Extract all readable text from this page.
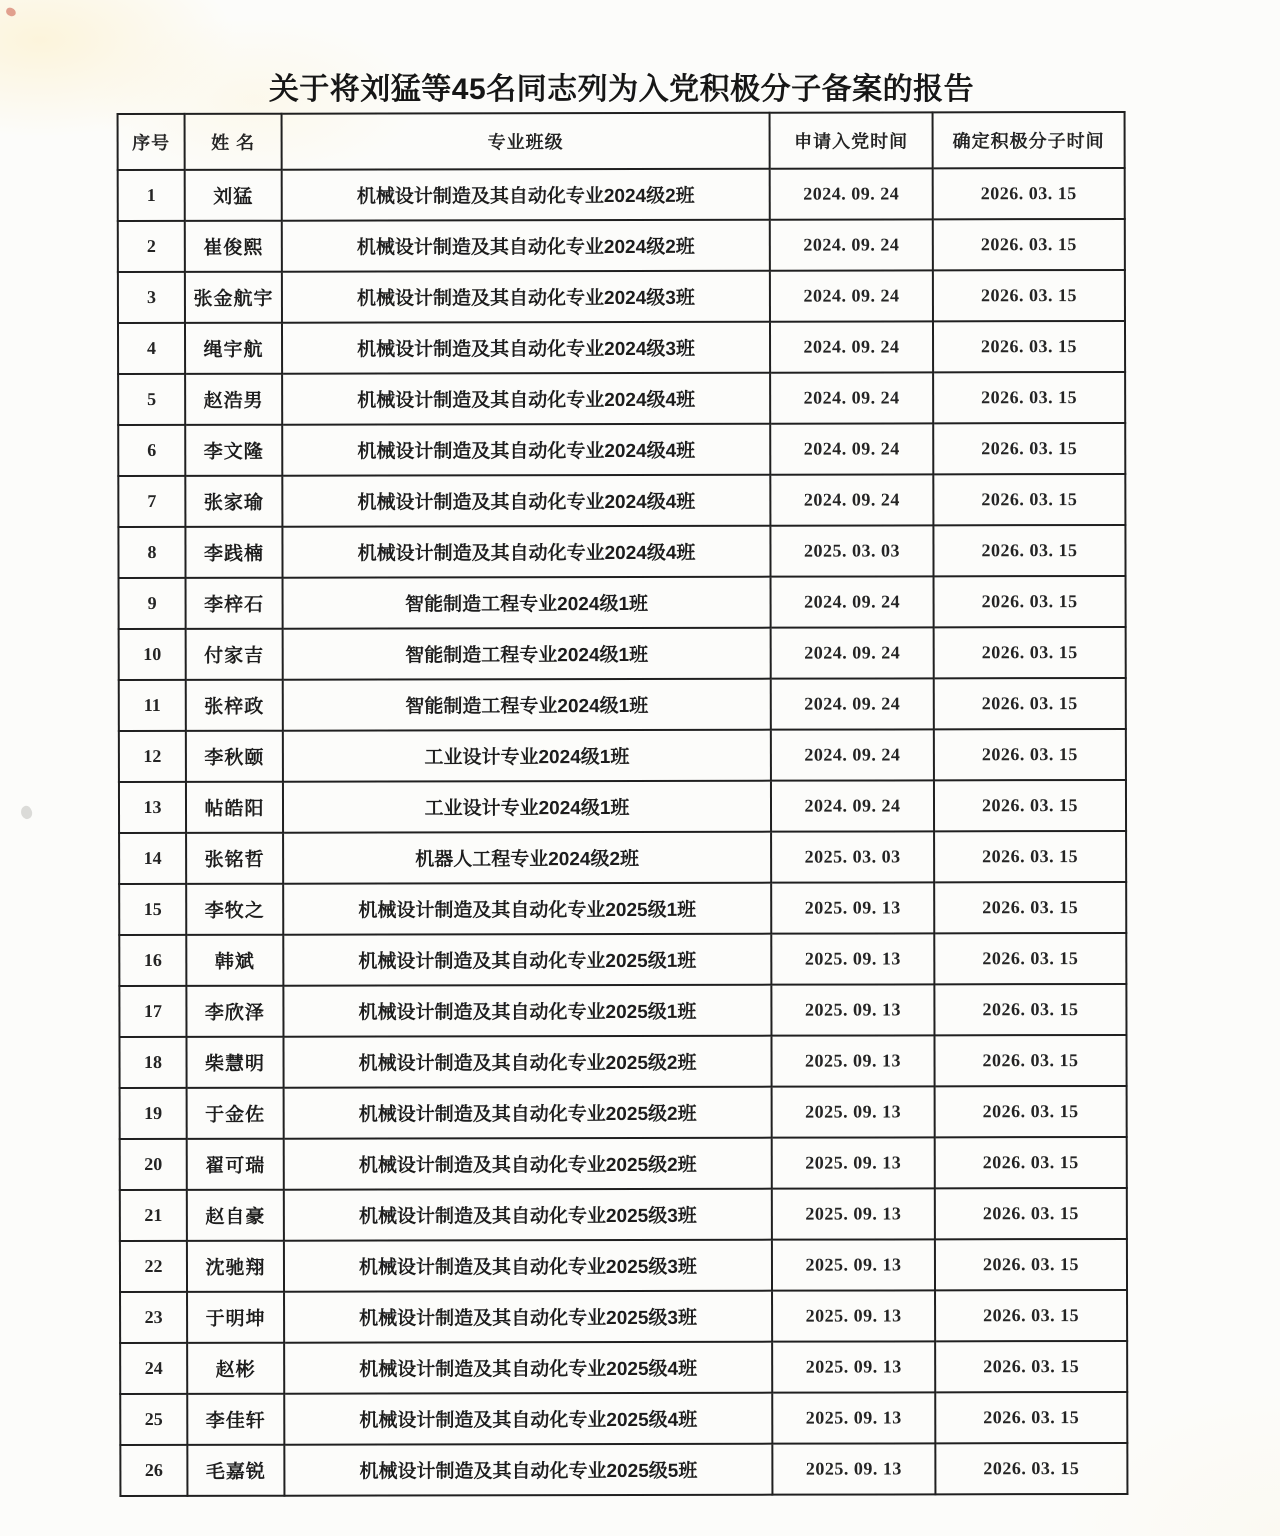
关于将刘猛等45名同志列为入党积极分子备案的报告
序号	姓 名	专业班级	申请入党时间	确定积极分子时间
1	刘猛	机械设计制造及其自动化专业2024级2班	2024. 09. 24	2026. 03. 15
2	崔俊熙	机械设计制造及其自动化专业2024级2班	2024. 09. 24	2026. 03. 15
3	张金航宇	机械设计制造及其自动化专业2024级3班	2024. 09. 24	2026. 03. 15
4	绳宇航	机械设计制造及其自动化专业2024级3班	2024. 09. 24	2026. 03. 15
5	赵浩男	机械设计制造及其自动化专业2024级4班	2024. 09. 24	2026. 03. 15
6	李文隆	机械设计制造及其自动化专业2024级4班	2024. 09. 24	2026. 03. 15
7	张家瑜	机械设计制造及其自动化专业2024级4班	2024. 09. 24	2026. 03. 15
8	李践楠	机械设计制造及其自动化专业2024级4班	2025. 03. 03	2026. 03. 15
9	李梓石	智能制造工程专业2024级1班	2024. 09. 24	2026. 03. 15
10	付家吉	智能制造工程专业2024级1班	2024. 09. 24	2026. 03. 15
11	张梓政	智能制造工程专业2024级1班	2024. 09. 24	2026. 03. 15
12	李秋颐	工业设计专业2024级1班	2024. 09. 24	2026. 03. 15
13	帖皓阳	工业设计专业2024级1班	2024. 09. 24	2026. 03. 15
14	张铭哲	机器人工程专业2024级2班	2025. 03. 03	2026. 03. 15
15	李牧之	机械设计制造及其自动化专业2025级1班	2025. 09. 13	2026. 03. 15
16	韩斌	机械设计制造及其自动化专业2025级1班	2025. 09. 13	2026. 03. 15
17	李欣泽	机械设计制造及其自动化专业2025级1班	2025. 09. 13	2026. 03. 15
18	柴慧明	机械设计制造及其自动化专业2025级2班	2025. 09. 13	2026. 03. 15
19	于金佐	机械设计制造及其自动化专业2025级2班	2025. 09. 13	2026. 03. 15
20	翟可瑞	机械设计制造及其自动化专业2025级2班	2025. 09. 13	2026. 03. 15
21	赵自豪	机械设计制造及其自动化专业2025级3班	2025. 09. 13	2026. 03. 15
22	沈驰翔	机械设计制造及其自动化专业2025级3班	2025. 09. 13	2026. 03. 15
23	于明坤	机械设计制造及其自动化专业2025级3班	2025. 09. 13	2026. 03. 15
24	赵彬	机械设计制造及其自动化专业2025级4班	2025. 09. 13	2026. 03. 15
25	李佳轩	机械设计制造及其自动化专业2025级4班	2025. 09. 13	2026. 03. 15
26	毛嘉锐	机械设计制造及其自动化专业2025级5班	2025. 09. 13	2026. 03. 15
